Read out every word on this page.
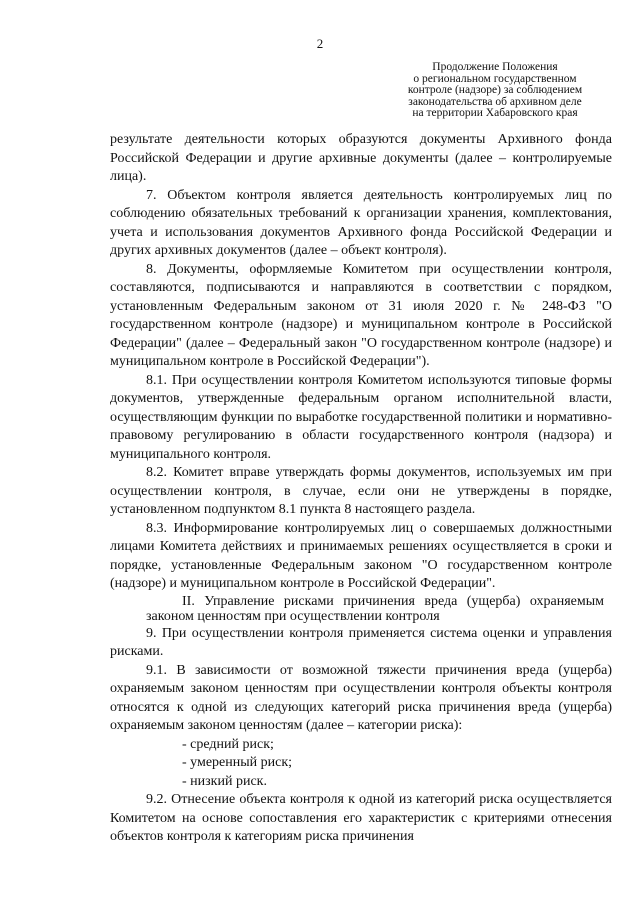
2
Продолжение Положения
о региональном государственном
контроле (надзоре) за соблюдением
законодательства об архивном деле
на территории Хабаровского края

результате деятельности которых образуются документы Архивного фонда Российской Федерации и другие архивные документы (далее – контролируемые лица).

7. Объектом контроля является деятельность контролируемых лиц по соблюдению обязательных требований к организации хранения, комплектования, учета и использования документов Архивного фонда Российской Федерации и других архивных документов (далее – объект контроля).

8. Документы, оформляемые Комитетом при осуществлении контроля, составляются, подписываются и направляются в соответствии с порядком, установленным Федеральным законом от 31 июля 2020 г. № 248-ФЗ "О государственном контроле (надзоре) и муниципальном контроле в Российской Федерации" (далее – Федеральный закон "О государственном контроле (надзоре) и муниципальном контроле в Российской Федерации").

8.1. При осуществлении контроля Комитетом используются типовые формы документов, утвержденные федеральным органом исполнительной власти, осуществляющим функции по выработке государственной политики и нормативно-правовому регулированию в области государственного контроля (надзора) и муниципального контроля.

8.2. Комитет вправе утверждать формы документов, используемых им при осуществлении контроля, в случае, если они не утверждены в порядке, установленном подпунктом 8.1 пункта 8 настоящего раздела.

8.3. Информирование контролируемых лиц о совершаемых должностными лицами Комитета действиях и принимаемых решениях осуществляется в сроки и порядке, установленные Федеральным законом "О государственном контроле (надзоре) и муниципальном контроле в Российской Федерации".

II. Управление рисками причинения вреда (ущерба) охраняемым законом ценностям при осуществлении контроля

9. При осуществлении контроля применяется система оценки и управления рисками.

9.1. В зависимости от возможной тяжести причинения вреда (ущерба) охраняемым законом ценностям при осуществлении контроля объекты контроля относятся к одной из следующих категорий риска причинения вреда (ущерба) охраняемым законом ценностям (далее – категории риска):

- средний риск;

- умеренный риск;

- низкий риск.

9.2. Отнесение объекта контроля к одной из категорий риска осуществляется Комитетом на основе сопоставления его характеристик с критериями отнесения объектов контроля к категориям риска причинения
